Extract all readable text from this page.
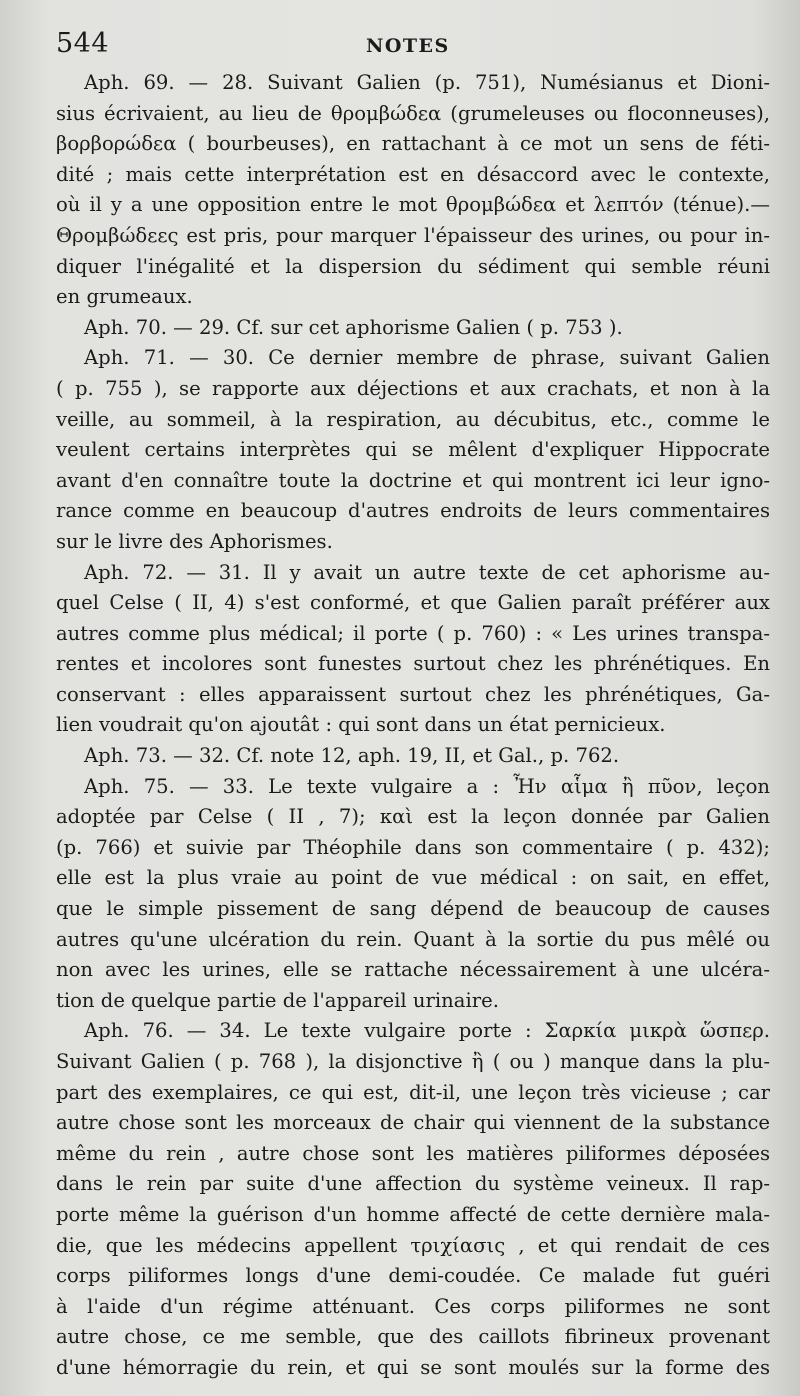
544	NOTES

Aph. 69. — 28. Suivant Galien (p. 751), Numésianus et Dioni-
sius écrivaient, au lieu de θρομβώδεα (grumeleuses ou floconneuses),
βορβορώδεα ( bourbeuses), en rattachant à ce mot un sens de féti-
dité ; mais cette interprétation est en désaccord avec le contexte,
où il y a une opposition entre le mot θρομβώδεα et λεπτόν (ténue).—
Θρομβώδεες est pris, pour marquer l'épaisseur des urines, ou pour in-
diquer l'inégalité et la dispersion du sédiment qui semble réuni
en grumeaux.

Aph. 70. — 29. Cf. sur cet aphorisme Galien ( p. 753 ).

Aph. 71. — 30. Ce dernier membre de phrase, suivant Galien
( p. 755 ), se rapporte aux déjections et aux crachats, et non à la
veille, au sommeil, à la respiration, au décubitus, etc., comme le
veulent certains interprètes qui se mêlent d'expliquer Hippocrate
avant d'en connaître toute la doctrine et qui montrent ici leur igno-
rance comme en beaucoup d'autres endroits de leurs commentaires
sur le livre des Aphorismes.

Aph. 72. — 31. Il y avait un autre texte de cet aphorisme au-
quel Celse ( II, 4) s'est conformé, et que Galien paraît préférer aux
autres comme plus médical; il porte ( p. 760) : « Les urines transpa-
rentes et incolores sont funestes surtout chez les phrénétiques. En
conservant : elles apparaissent surtout chez les phrénétiques, Ga-
lien voudrait qu'on ajoutât : qui sont dans un état pernicieux.

Aph. 73. — 32. Cf. note 12, aph. 19, II, et Gal., p. 762.

Aph. 75. — 33. Le texte vulgaire a : Ἦν αἷμα ἢ πῦον, leçon
adoptée par Celse ( II , 7); καὶ est la leçon donnée par Galien
(p. 766) et suivie par Théophile dans son commentaire ( p. 432);
elle est la plus vraie au point de vue médical : on sait, en effet,
que le simple pissement de sang dépend de beaucoup de causes
autres qu'une ulcération du rein. Quant à la sortie du pus mêlé ou
non avec les urines, elle se rattache nécessairement à une ulcéra-
tion de quelque partie de l'appareil urinaire.

Aph. 76. — 34. Le texte vulgaire porte : Σαρκία μικρὰ ὥσπερ.
Suivant Galien ( p. 768 ), la disjonctive ἢ ( ou ) manque dans la plu-
part des exemplaires, ce qui est, dit-il, une leçon très vicieuse ; car
autre chose sont les morceaux de chair qui viennent de la substance
même du rein , autre chose sont les matières piliformes déposées
dans le rein par suite d'une affection du système veineux. Il rap-
porte même la guérison d'un homme affecté de cette dernière mala-
die, que les médecins appellent τριχίασις , et qui rendait de ces
corps piliformes longs d'une demi-coudée. Ce malade fut guéri
à l'aide d'un régime atténuant. Ces corps piliformes ne sont
autre chose, ce me semble, que des caillots fibrineux provenant
d'une hémorragie du rein, et qui se sont moulés sur la forme des
